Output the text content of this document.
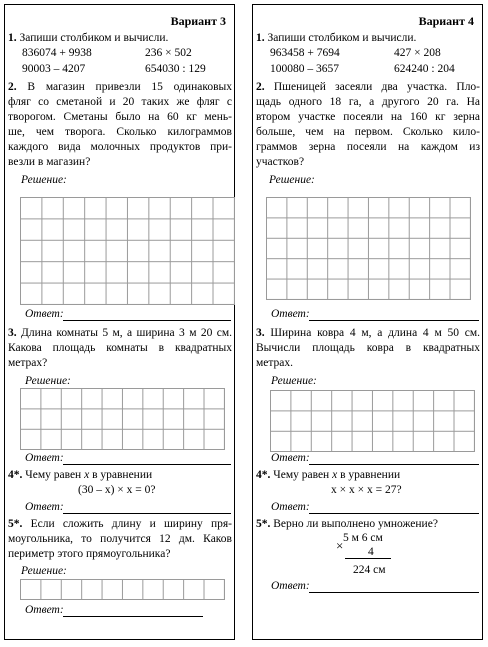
Вариант 3
1. Запиши столбиком и вычисли.
836074 + 9938	236 × 502
90003 – 4207	654030 : 129
2. В магазин привезли 15 одинаковых
фляг со сметаной и 20 таких же фляг с
творогом. Сметаны было на 60 кг мень-
ше, чем творога. Сколько килограммов
каждого вида молочных продуктов при-
везли в магазин?
Решение:
Ответ:
3. Длина комнаты 5 м, а ширина 3 м 20 см.
Какова площадь комнаты в квадратных
метрах?
Решение:
Ответ:
4*. Чему равен x в уравнении
(30 – x) × x = 0?
Ответ:
5*. Если сложить длину и ширину пря-
моугольника, то получится 12 дм. Каков
периметр этого прямоугольника?
Решение:
Ответ:
Вариант 4
1. Запиши столбиком и вычисли.
963458 + 7694	427 × 208
100080 – 3657	624240 : 204
2. Пшеницей засеяли два участка. Пло-
щадь одного 18 га, а другого 20 га. На
втором участке посеяли на 160 кг зерна
больше, чем на первом. Сколько кило-
граммов зерна посеяли на каждом из
участков?
Решение:
Ответ:
3. Ширина ковра 4 м, а длина 4 м 50 см.
Вычисли площадь ковра в квадратных
метрах.
Решение:
Ответ:
4*. Чему равен x в уравнении
x × x × x = 27?
Ответ:
5*. Верно ли выполнено умножение?
× 5 м 6 см
4
224 см
Ответ:
